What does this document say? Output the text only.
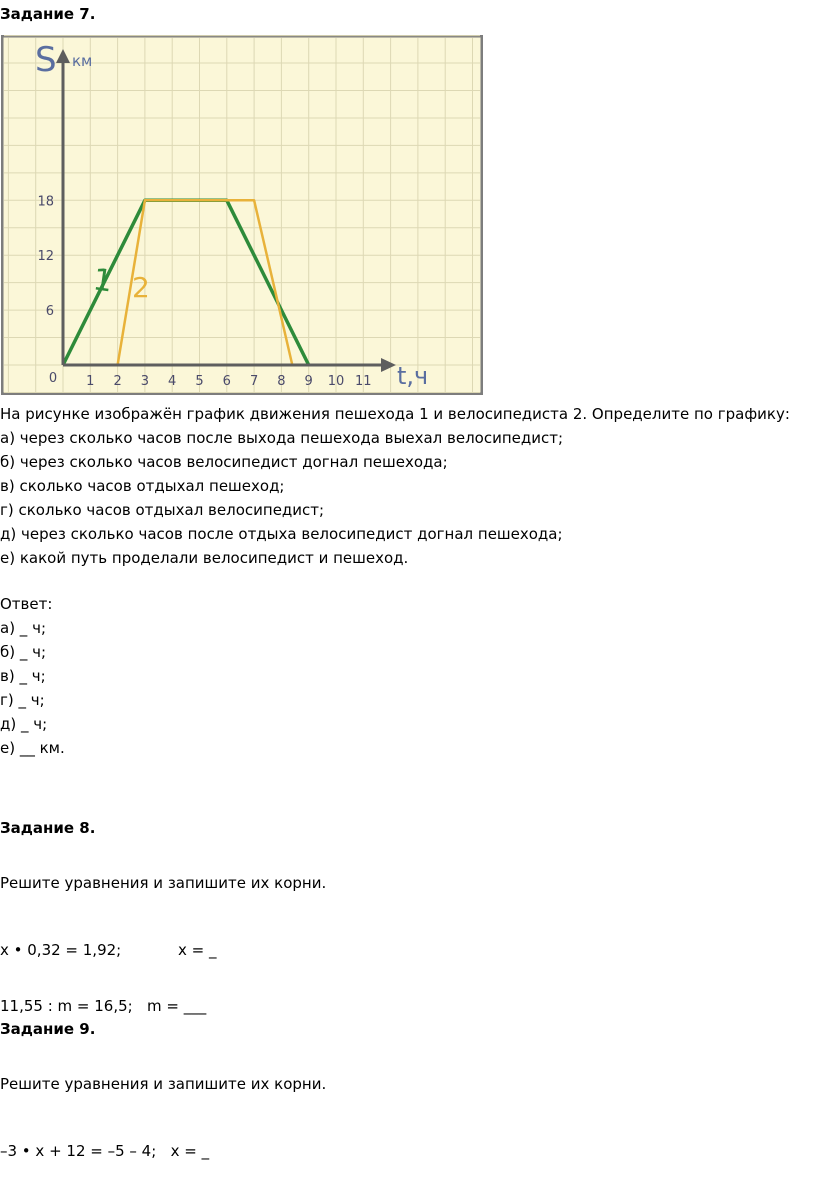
Задание 7.
1 2
0 1 2 3 4 5 6 7 8 9 10 11
6
12
18
S км
t,ч
На рисунке изображён график движения пешехода 1 и велосипедиста 2. Определите по графику:
а) через сколько часов после выхода пешехода выехал велосипедист;
б) через сколько часов велосипедист догнал пешехода;
в) сколько часов отдыхал пешеход;
г) сколько часов отдыхал велосипедист;
д) через сколько часов после отдыха велосипедист догнал пешехода;
е) какой путь проделали велосипедист и пешеход.
Ответ:
а) _ ч;
б) _ ч;
в) _ ч;
г) _ ч;
д) _ ч;
е) __ км.
Задание 8.
Решите уравнения и запишите их корни.
x • 0,32 = 1,92;	x = _
11,55 : m = 16,5;   m = ___
Задание 9.
Решите уравнения и запишите их корни.
–3 • x + 12 = –5 – 4;   x = _
